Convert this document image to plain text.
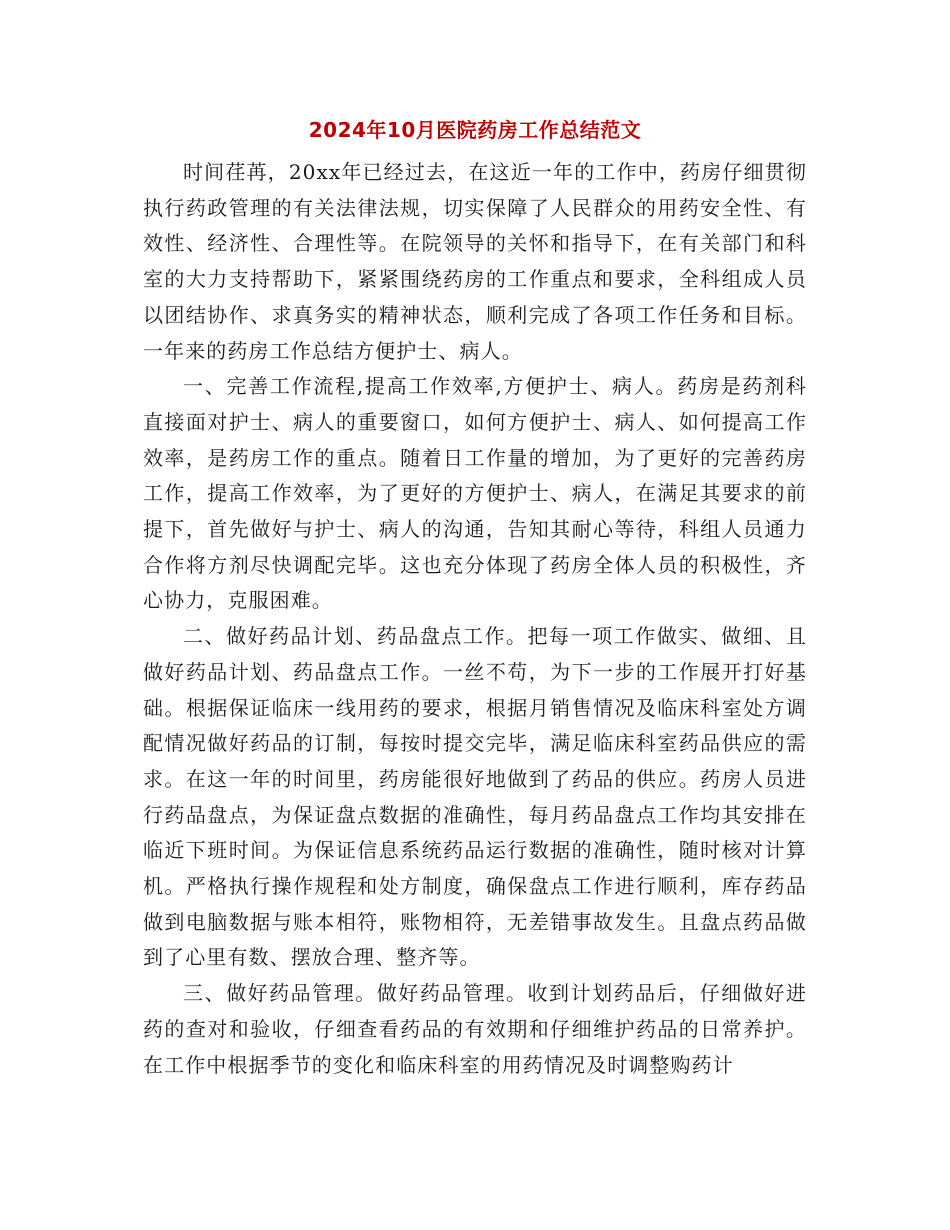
2024年10月医院药房工作总结范文

时间荏苒，20xx年已经过去，在这近一年的工作中，药房仔细贯彻执行药政管理的有关法律法规，切实保障了人民群众的用药安全性、有效性、经济性、合理性等。在院领导的关怀和指导下，在有关部门和科室的大力支持帮助下，紧紧围绕药房的工作重点和要求，全科组成人员以团结协作、求真务实的精神状态，顺利完成了各项工作任务和目标。一年来的药房工作总结方便护士、病人。

一、完善工作流程,提高工作效率,方便护士、病人。药房是药剂科直接面对护士、病人的重要窗口，如何方便护士、病人、如何提高工作效率，是药房工作的重点。随着日工作量的增加，为了更好的完善药房工作，提高工作效率，为了更好的方便护士、病人，在满足其要求的前提下，首先做好与护士、病人的沟通，告知其耐心等待，科组人员通力合作将方剂尽快调配完毕。这也充分体现了药房全体人员的积极性，齐心协力，克服困难。

二、做好药品计划、药品盘点工作。把每一项工作做实、做细、且做好药品计划、药品盘点工作。一丝不苟，为下一步的工作展开打好基础。根据保证临床一线用药的要求，根据月销售情况及临床科室处方调配情况做好药品的订制，每按时提交完毕，满足临床科室药品供应的需求。在这一年的时间里，药房能很好地做到了药品的供应。药房人员进行药品盘点，为保证盘点数据的准确性，每月药品盘点工作均其安排在临近下班时间。为保证信息系统药品运行数据的准确性，随时核对计算机。严格执行操作规程和处方制度，确保盘点工作进行顺利，库存药品做到电脑数据与账本相符，账物相符，无差错事故发生。且盘点药品做到了心里有数、摆放合理、整齐等。

三、做好药品管理。做好药品管理。收到计划药品后，仔细做好进药的查对和验收，仔细查看药品的有效期和仔细维护药品的日常养护。在工作中根据季节的变化和临床科室的用药情况及时调整购药计
